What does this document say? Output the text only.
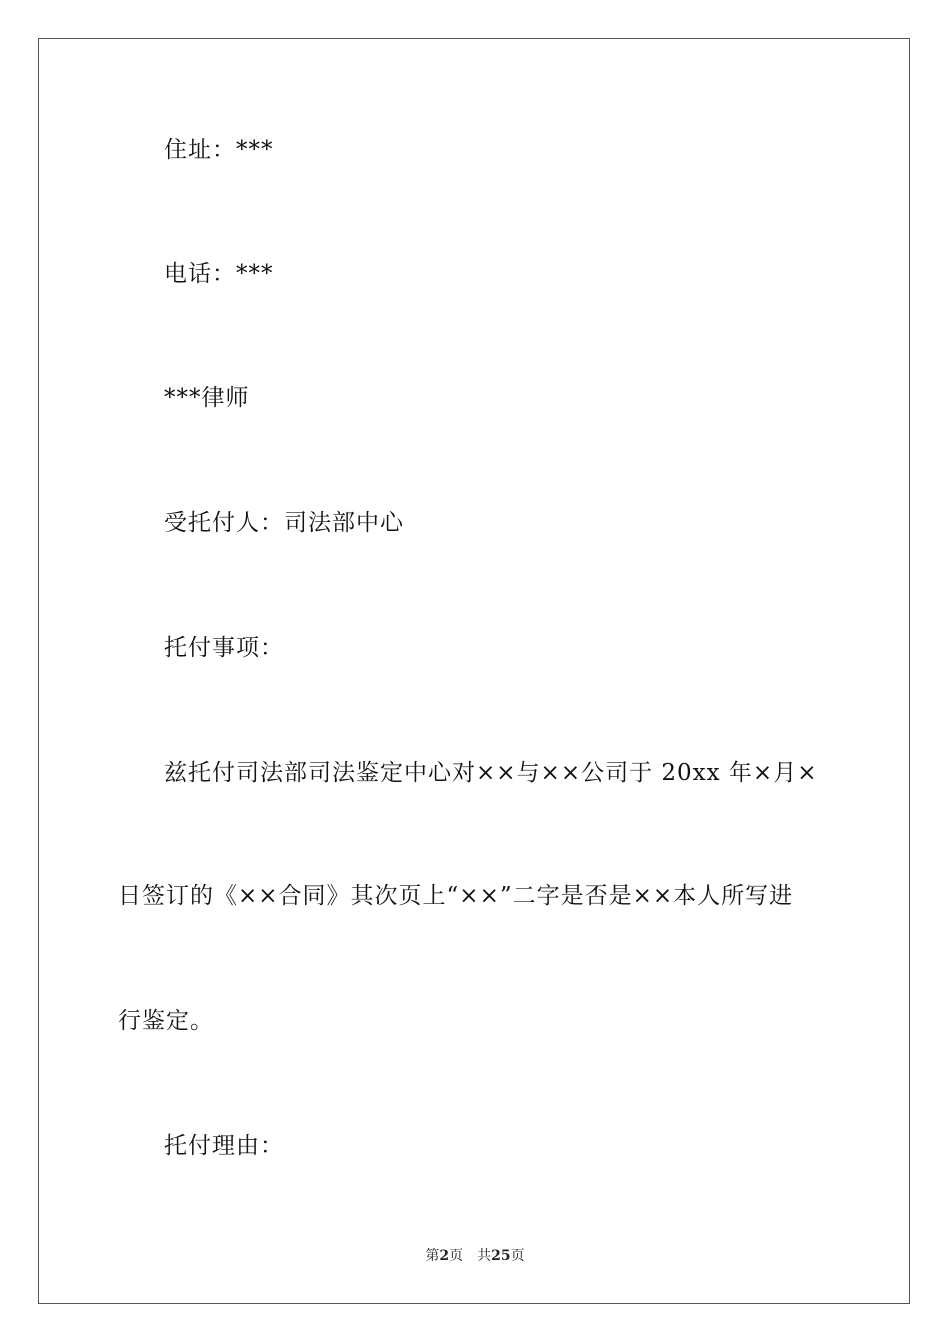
住址：***
电话：***
***律师
受托付人：司法部中心
托付事项：
兹托付司法部司法鉴定中心对××与××公司于 20xx 年×月×
日签订的《××合同》其次页上“××”二字是否是××本人所写进
行鉴定。
托付理由：
第2页 共25页
